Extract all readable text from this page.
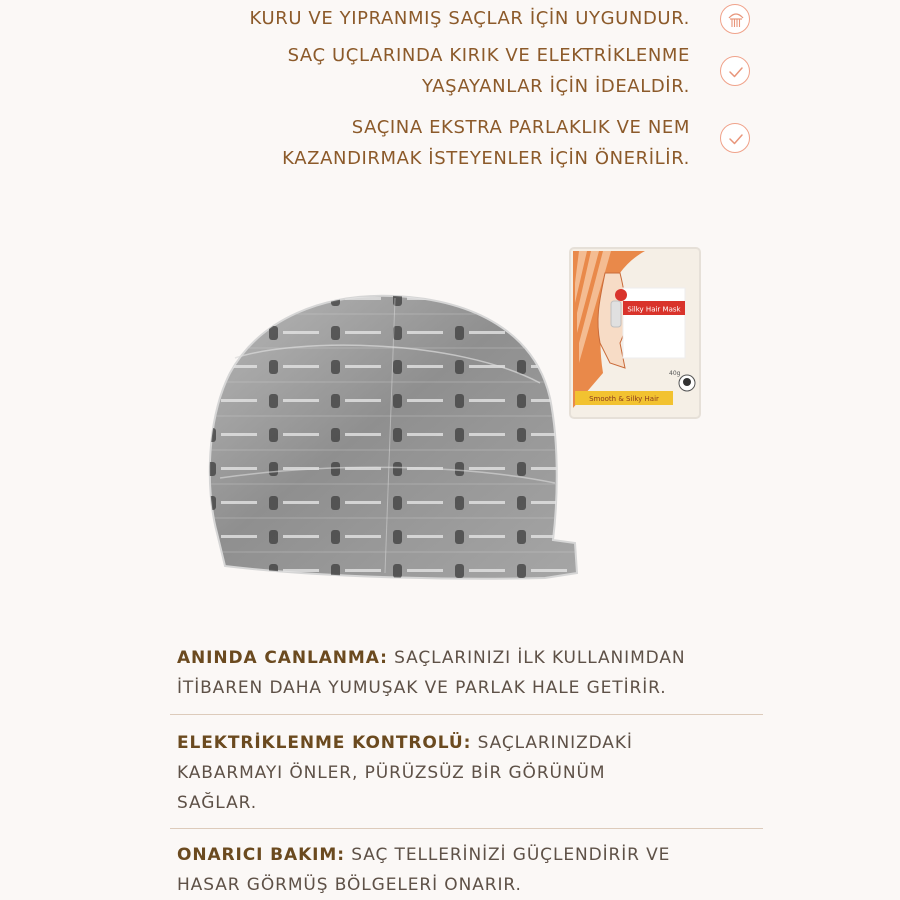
KURU VE YIPRANMIŞ SAÇLAR İÇİN UYGUNDUR.
SAÇ UÇLARINDA KIRIK VE ELEKTRİKLENME
YAŞAYANLAR İÇİN İDEALDİR.
SAÇINA EKSTRA PARLAKLIK VE NEM
KAZANDIRMAK İSTEYENLER İÇİN ÖNERİLİR.
Silky Hair Mask
40g
Smooth & Silky Hair
ANINDA CANLANMA: SAÇLARINIZI İLK KULLANIMDAN
İTİBAREN DAHA YUMUŞAK VE PARLAK HALE GETİRİR.
ELEKTRİKLENME KONTROLÜ: SAÇLARINIZDAKİ
KABARMAYI ÖNLER, PÜRÜZSÜZ BİR GÖRÜNÜM
SAĞLAR.
ONARICI BAKIM: SAÇ TELLERİNİZİ GÜÇLENDİRİR VE
HASAR GÖRMÜŞ BÖLGELERİ ONARIR.
